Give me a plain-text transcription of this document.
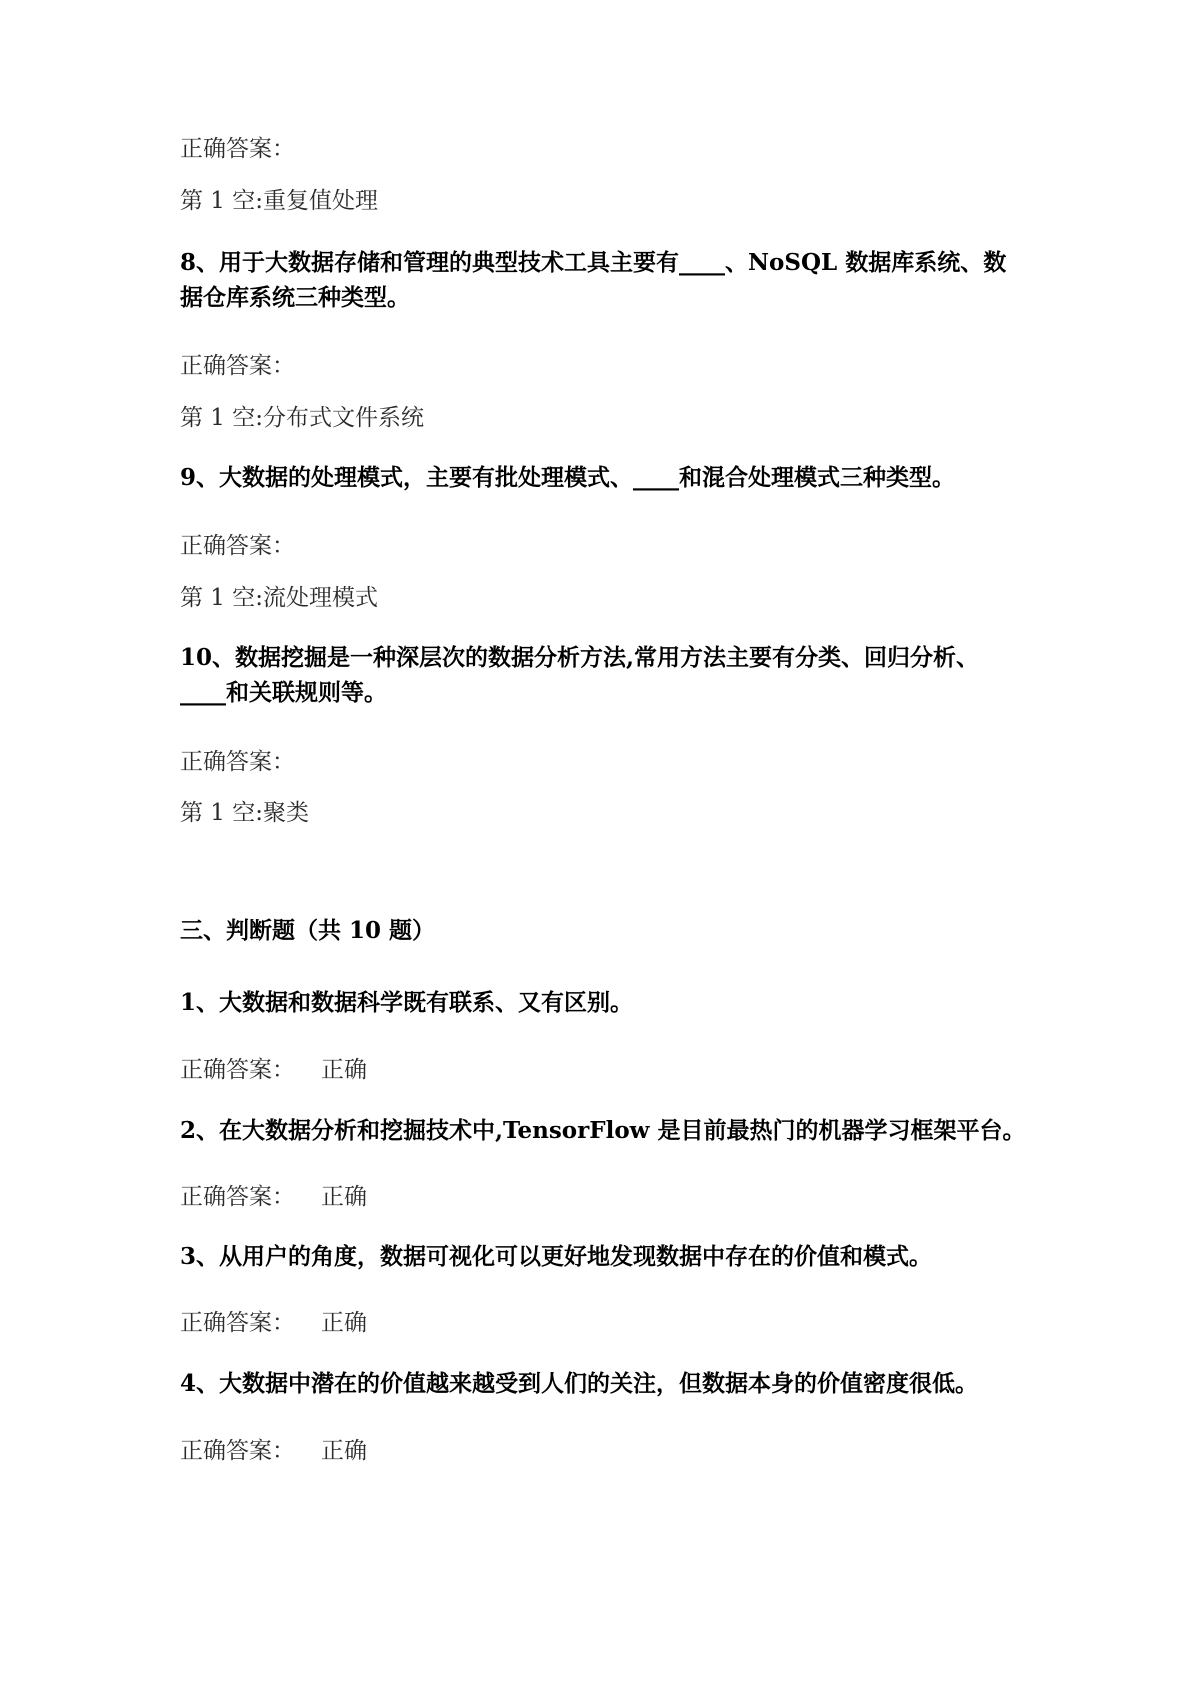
正确答案：
第 1 空:重复值处理
8、用于大数据存储和管理的典型技术工具主要有____、NoSQL 数据库系统、数
据仓库系统三种类型。
正确答案：
第 1 空:分布式文件系统
9、大数据的处理模式，主要有批处理模式、____和混合处理模式三种类型。
正确答案：
第 1 空:流处理模式
10、数据挖掘是一种深层次的数据分析方法,常用方法主要有分类、回归分析、
____和关联规则等。
正确答案：
第 1 空:聚类
三、判断题（共 10 题）
1、大数据和数据科学既有联系、又有区别。
正确答案： 正确
2、在大数据分析和挖掘技术中,TensorFlow 是目前最热门的机器学习框架平台。
正确答案： 正确
3、从用户的角度，数据可视化可以更好地发现数据中存在的价值和模式。
正确答案： 正确
4、大数据中潜在的价值越来越受到人们的关注，但数据本身的价值密度很低。
正确答案： 正确
